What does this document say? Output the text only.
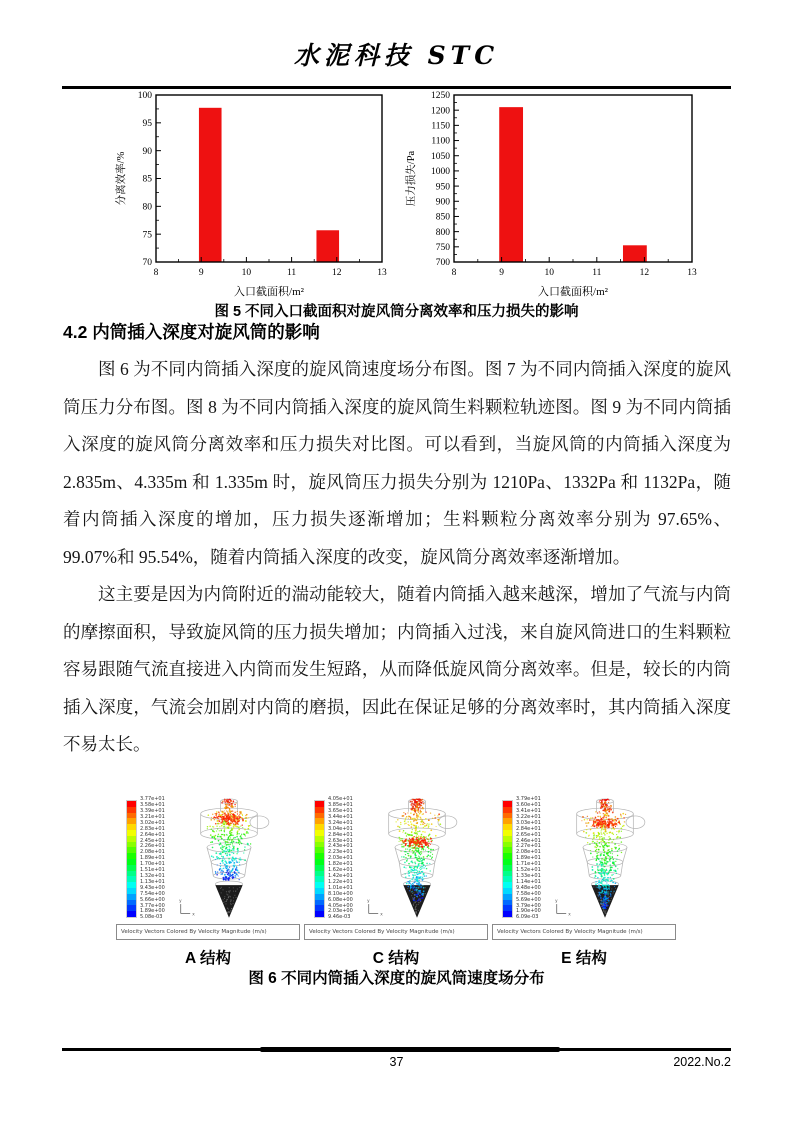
水泥科技 STC
70
75
80
85
90
95
100
8	9	10	11	12	13
入口截面积/m²
分离效率/%
700
750
800
850
900
950
1000
1050
1100
1150
1200
1250
8	9	10	11	12	13
入口截面积/m²
压力损失/Pa
图 5 不同入口截面积对旋风筒分离效率和压力损失的影响
4.2 内筒插入深度对旋风筒的影响

图 6 为不同内筒插入深度的旋风筒速度场分布图。图 7 为不同内筒插入深度的旋风筒压力分布图。图 8 为不同内筒插入深度的旋风筒生料颗粒轨迹图。图 9 为不同内筒插入深度的旋风筒分离效率和压力损失对比图。可以看到，当旋风筒的内筒插入深度为 2.835m、4.335m 和 1.335m 时，旋风筒压力损失分别为 1210Pa、1332Pa 和 1132Pa，随着内筒插入深度的增加，压力损失逐渐增加；生料颗粒分离效率分别为 97.65%、99.07%和 95.54%，随着内筒插入深度的改变，旋风筒分离效率逐渐增加。

这主要是因为内筒附近的湍动能较大，随着内筒插入越来越深，增加了气流与内筒的摩擦面积，导致旋风筒的压力损失增加；内筒插入过浅，来自旋风筒进口的生料颗粒容易跟随气流直接进入内筒而发生短路，从而降低旋风筒分离效率。但是，较长的内筒插入深度，气流会加剧对内筒的磨损，因此在保证足够的分离效率时，其内筒插入深度不易太长。

3.77e+01
3.58e+01
3.39e+01
3.21e+01
3.02e+01
2.83e+01
2.64e+01
2.45e+01
2.26e+01
2.08e+01
1.89e+01
1.70e+01
1.51e+01
1.32e+01
1.13e+01
9.43e+00
7.54e+00
5.66e+00
3.77e+00
1.89e+00
5.08e-03
x
y
Velocity Vectors Colored By Velocity Magnitude (m/s)
4.05e+01
3.85e+01
3.65e+01
3.44e+01
3.24e+01
3.04e+01
2.84e+01
2.63e+01
2.43e+01
2.23e+01
2.03e+01
1.82e+01
1.62e+01
1.42e+01
1.22e+01
1.01e+01
8.10e+00
6.08e+00
4.05e+00
2.03e+00
9.46e-03
x
y
Velocity Vectors Colored By Velocity Magnitude (m/s)
3.79e+01
3.60e+01
3.41e+01
3.22e+01
3.03e+01
2.84e+01
2.65e+01
2.46e+01
2.27e+01
2.08e+01
1.89e+01
1.71e+01
1.52e+01
1.33e+01
1.14e+01
9.48e+00
7.58e+00
5.69e+00
3.79e+00
1.90e+00
6.09e-03
x
y
Velocity Vectors Colored By Velocity Magnitude (m/s)
A 结构	C 结构	E 结构
图 6 不同内筒插入深度的旋风筒速度场分布
37	2022.No.2
